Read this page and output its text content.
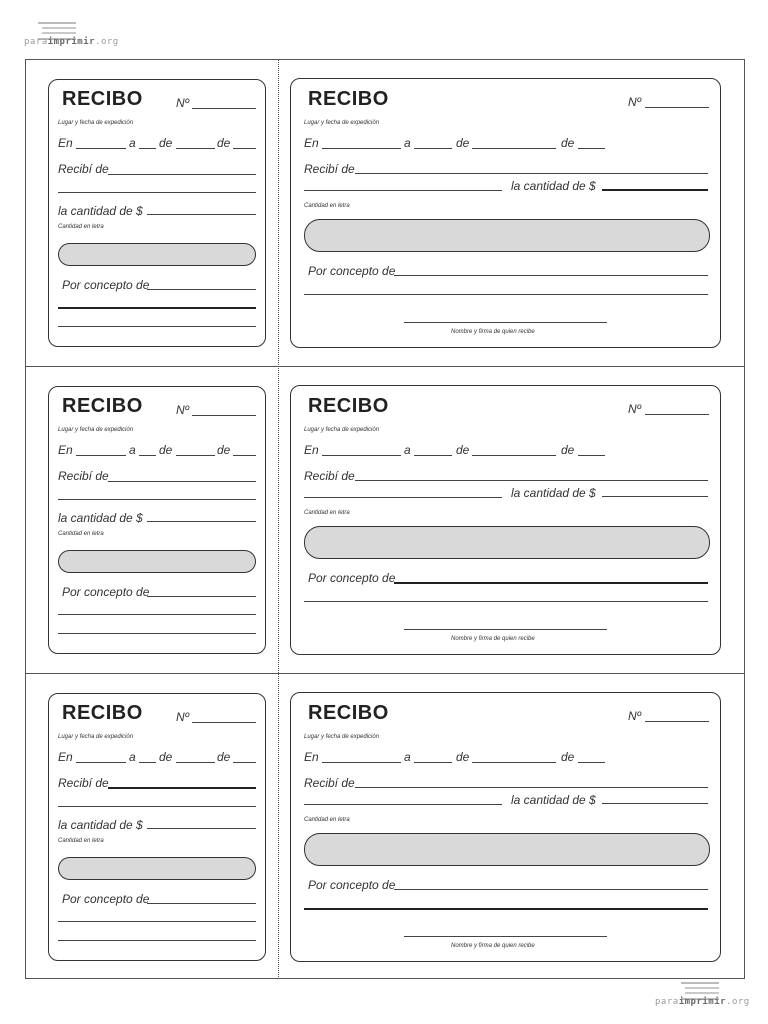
paraimprimir.org
paraimprimir.org
RECIBO	Nº
Lugar y fecha de expedición
En	a de	de
Recibí de
la cantidad de $
Cantidad en letra
Por concepto de
RECIBO	Nº
Lugar y fecha de expedición
En	a	de	de
Recibí de
la cantidad de $
Cantidad en letra
Por concepto de
Nombre y firma de quien recibe
RECIBO	Nº
Lugar y fecha de expedición
En	a de	de
Recibí de
la cantidad de $
Cantidad en letra
Por concepto de
RECIBO	Nº
Lugar y fecha de expedición
En	a	de	de
Recibí de
la cantidad de $
Cantidad en letra
Por concepto de
Nombre y firma de quien recibe
RECIBO	Nº
Lugar y fecha de expedición
En	a de	de
Recibí de
la cantidad de $
Cantidad en letra
Por concepto de
RECIBO	Nº
Lugar y fecha de expedición
En	a	de	de
Recibí de
la cantidad de $
Cantidad en letra
Por concepto de
Nombre y firma de quien recibe
